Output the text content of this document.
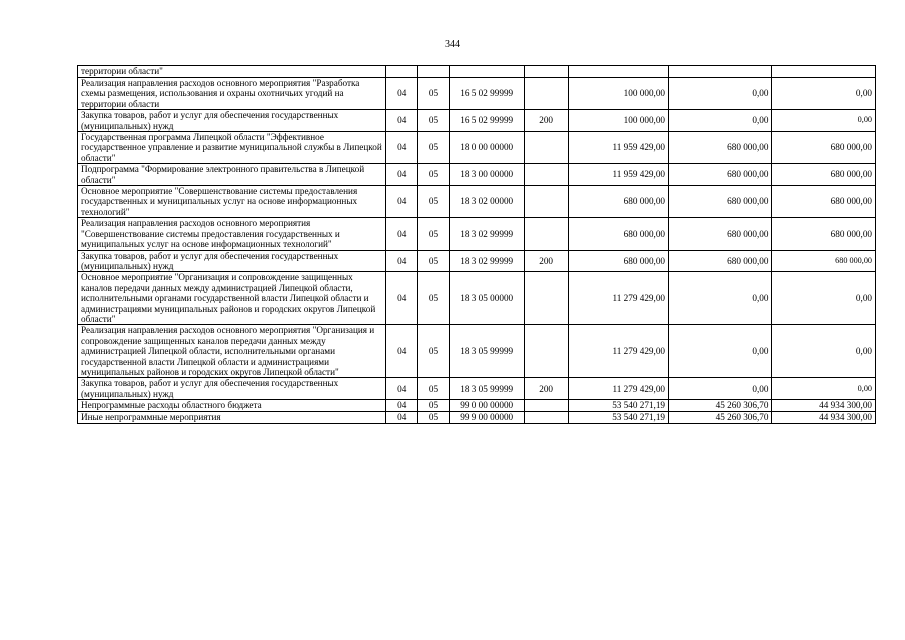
344
территории области"							
Реализация направления расходов основного мероприятия "Разработка схемы размещения, использования и охраны охотничьих угодий на территории области	04	05	16 5 02 99999		100 000,00	0,00	0,00
Закупка товаров, работ и услуг для обеспечения государственных (муниципальных) нужд	04	05	16 5 02 99999	200	100 000,00	0,00	0,00
Государственная программа Липецкой области "Эффективное государственное управление и развитие муниципальной службы в Липецкой области"	04	05	18 0 00 00000		11 959 429,00	680 000,00	680 000,00
Подпрограмма "Формирование электронного правительства в Липецкой области"	04	05	18 3 00 00000		11 959 429,00	680 000,00	680 000,00
Основное мероприятие "Совершенствование системы предоставления государственных и муниципальных услуг на основе информационных технологий"	04	05	18 3 02 00000		680 000,00	680 000,00	680 000,00
Реализация направления расходов основного мероприятия "Совершенствование системы предоставления государственных и муниципальных услуг на основе информационных технологий"	04	05	18 3 02 99999		680 000,00	680 000,00	680 000,00
Закупка товаров, работ и услуг для обеспечения государственных (муниципальных) нужд	04	05	18 3 02 99999	200	680 000,00	680 000,00	680 000,00
Основное мероприятие "Организация и сопровождение защищенных каналов передачи данных между администрацией Липецкой области, исполнительными органами государственной власти Липецкой области и администрациями муниципальных районов и городских округов Липецкой области"	04	05	18 3 05 00000		11 279 429,00	0,00	0,00
Реализация направления расходов основного мероприятия "Организация и сопровождение защищенных каналов передачи данных между администрацией Липецкой области, исполнительными органами государственной власти Липецкой области и администрациями муниципальных районов и городских округов Липецкой области"	04	05	18 3 05 99999		11 279 429,00	0,00	0,00
Закупка товаров, работ и услуг для обеспечения государственных (муниципальных) нужд	04	05	18 3 05 99999	200	11 279 429,00	0,00	0,00
Непрограммные расходы областного бюджета	04	05	99 0 00 00000		53 540 271,19	45 260 306,70	44 934 300,00
Иные непрограммные мероприятия	04	05	99 9 00 00000		53 540 271,19	45 260 306,70	44 934 300,00
